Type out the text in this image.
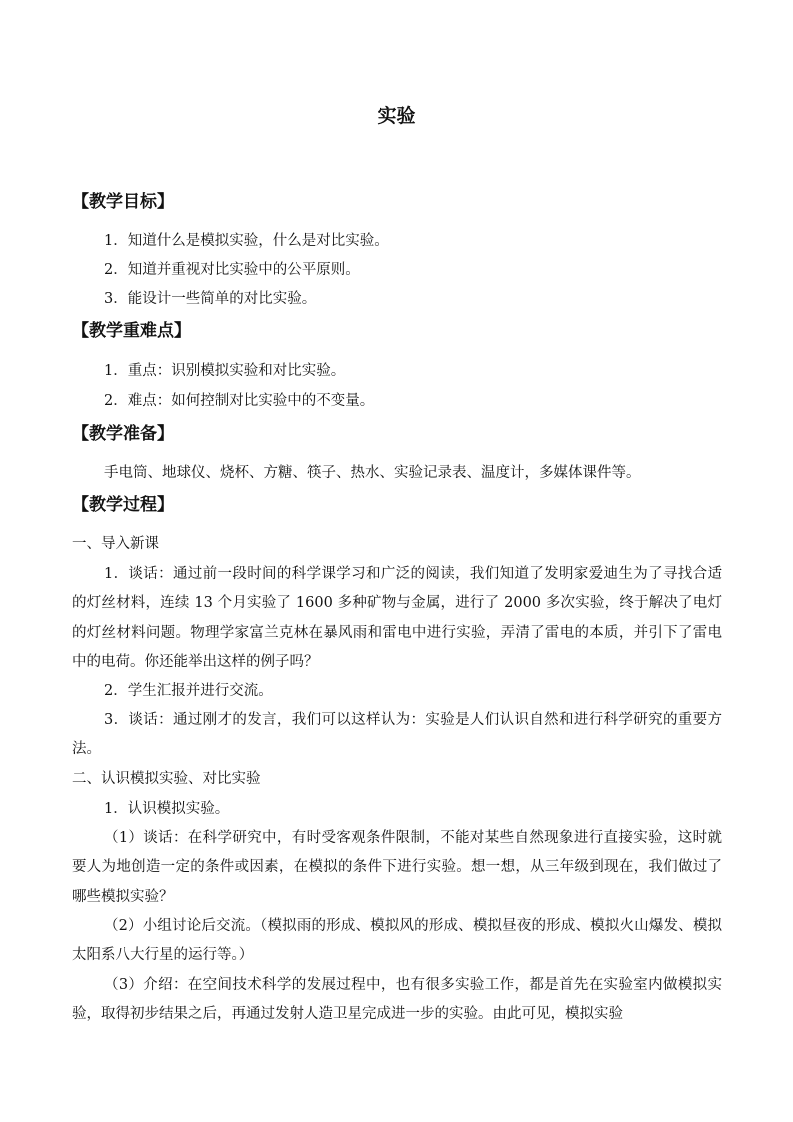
实验
【教学目标】
1．知道什么是模拟实验，什么是对比实验。
2．知道并重视对比实验中的公平原则。
3．能设计一些简单的对比实验。
【教学重难点】
1．重点：识别模拟实验和对比实验。
2．难点：如何控制对比实验中的不变量。
【教学准备】
手电筒、地球仪、烧杯、方糖、筷子、热水、实验记录表、温度计，多媒体课件等。
【教学过程】
一、导入新课
1．谈话：通过前一段时间的科学课学习和广泛的阅读，我们知道了发明家爱迪生为了寻找合适的灯丝材料，连续 13 个月实验了 1600 多种矿物与金属，进行了 2000 多次实验，终于解决了电灯的灯丝材料问题。物理学家富兰克林在暴风雨和雷电中进行实验，弄清了雷电的本质，并引下了雷电中的电荷。你还能举出这样的例子吗？
2．学生汇报并进行交流。
3．谈话：通过刚才的发言，我们可以这样认为：实验是人们认识自然和进行科学研究的重要方法。
二、认识模拟实验、对比实验
1．认识模拟实验。
（1）谈话：在科学研究中，有时受客观条件限制，不能对某些自然现象进行直接实验，这时就要人为地创造一定的条件或因素，在模拟的条件下进行实验。想一想，从三年级到现在，我们做过了哪些模拟实验？
（2）小组讨论后交流。（模拟雨的形成、模拟风的形成、模拟昼夜的形成、模拟火山爆发、模拟太阳系八大行星的运行等。）
（3）介绍：在空间技术科学的发展过程中，也有很多实验工作，都是首先在实验室内做模拟实验，取得初步结果之后，再通过发射人造卫星完成进一步的实验。由此可见，模拟实验
